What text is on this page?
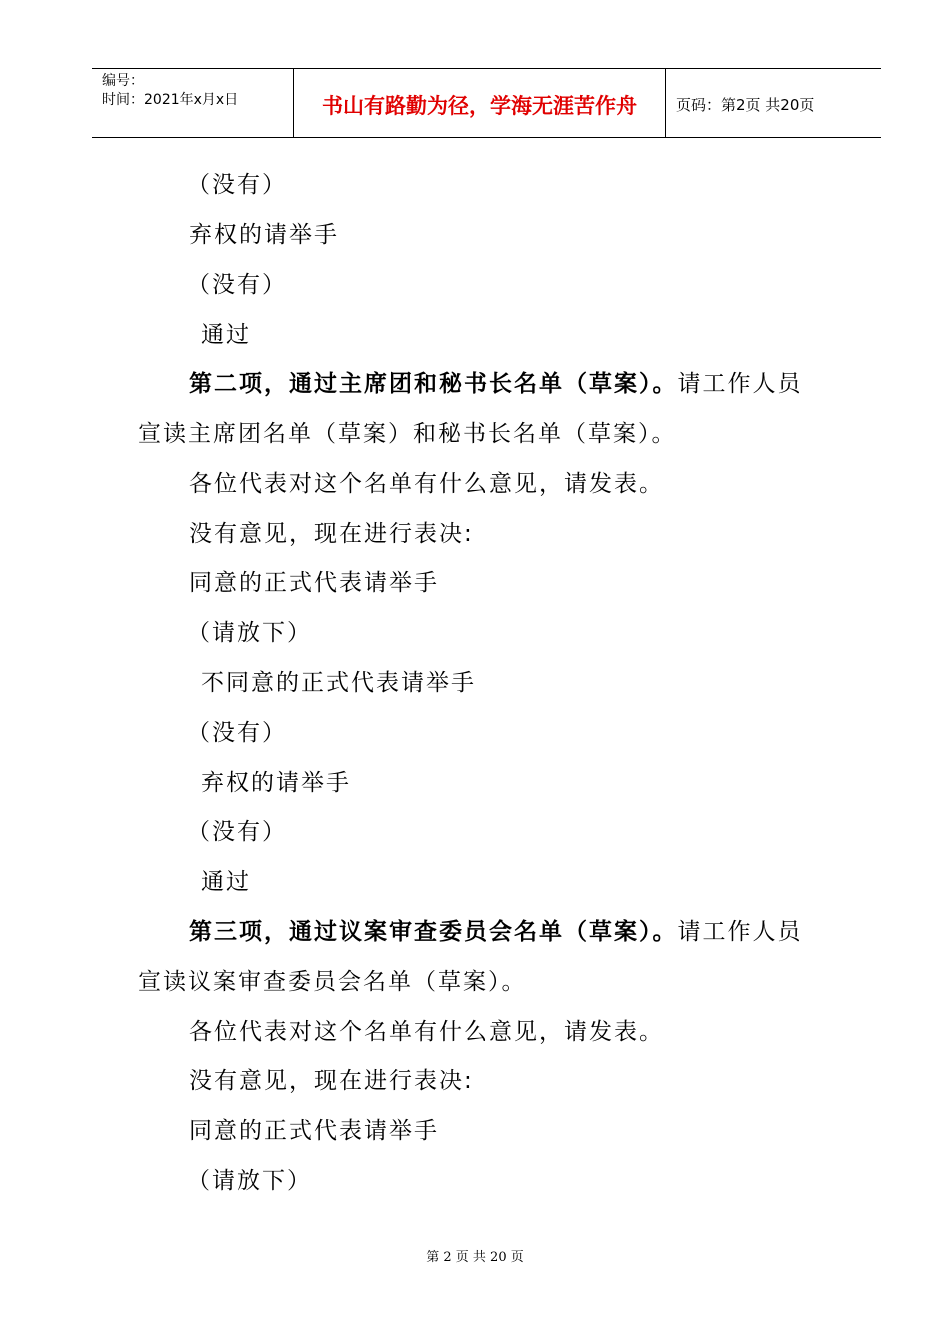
编号：
时间：2021年x月x日	书山有路勤为径，学海无涯苦作舟	页码：第2页 共20页
（没有）
弃权的请举手
（没有）
通过
第二项，通过主席团和秘书长名单（草案）。请工作人员
宣读主席团名单（草案）和秘书长名单（草案）。
各位代表对这个名单有什么意见，请发表。
没有意见，现在进行表决:
同意的正式代表请举手
（请放下）
不同意的正式代表请举手
（没有）
弃权的请举手
（没有）
通过
第三项，通过议案审查委员会名单（草案）。请工作人员
宣读议案审查委员会名单（草案）。
各位代表对这个名单有什么意见，请发表。
没有意见，现在进行表决:
同意的正式代表请举手
（请放下）
第 2 页 共 20 页
